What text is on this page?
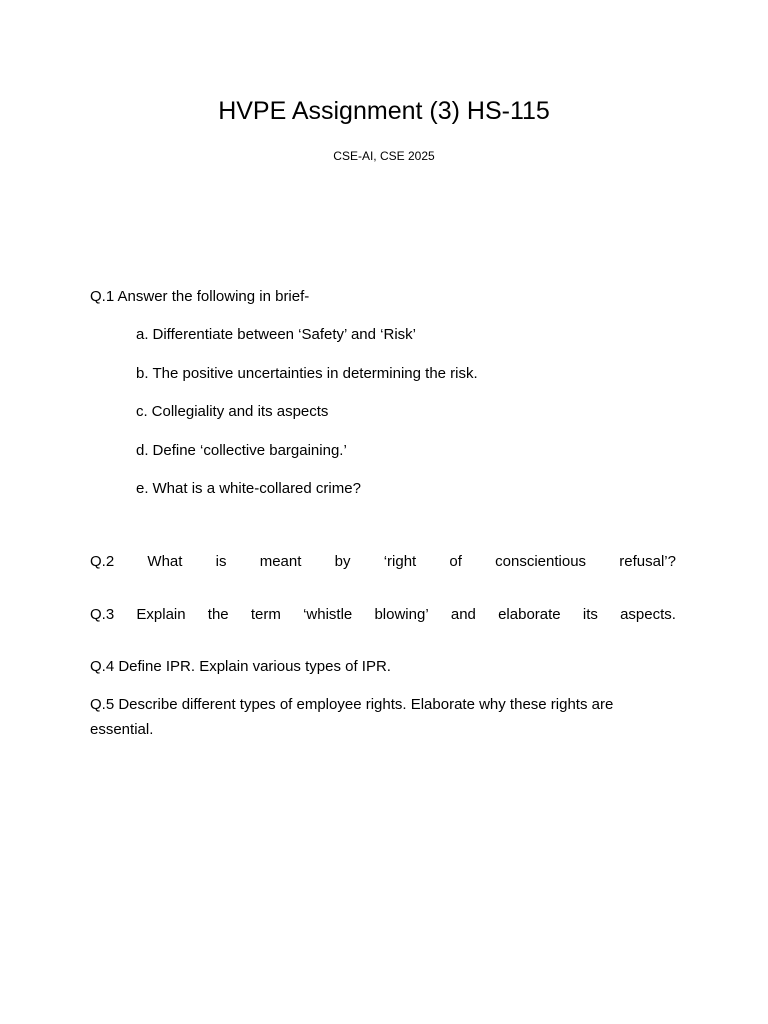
HVPE Assignment (3) HS-115
CSE-AI, CSE 2025
Q.1 Answer the following in brief-
a. Differentiate between ‘Safety’ and ‘Risk’
b. The positive uncertainties in determining the risk.
c. Collegiality and its aspects
d. Define ‘collective bargaining.’
e. What is a white-collared crime?
Q.2 What is meant by ‘right of conscientious refusal’?
Q.3 Explain the term ‘whistle blowing’ and elaborate its aspects.
Q.4 Define IPR. Explain various types of IPR.
Q.5 Describe different types of employee rights. Elaborate why these rights are essential.
